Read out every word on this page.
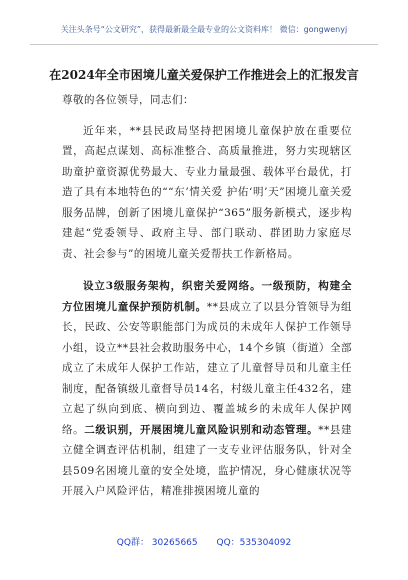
关注头条号“公文研究”，获得最新最全最专业的公文资料库！ 微信：gongwenyj
在2024年全市困境儿童关爱保护工作推进会上的汇报发言

尊敬的各位领导，同志们：

近年来，**县民政局坚持把困境儿童保护放在重要位置，高起点谋划、高标准整合、高质量推进，努力实现辖区助童护童资源优势最大、专业力量最强、载体平台最优，打造了具有本地特色的““东’情关爱 护佑‘明’天”困境儿童关爱服务品牌，创新了困境儿童保护“365”服务新模式，逐步构建起“党委领导、政府主导、部门联动、群团助力家庭尽责、社会参与”的困境儿童关爱帮扶工作新格局。

设立3级服务架构，织密关爱网络。一级预防，构建全方位困境儿童保护预防机制。**县成立了以县分管领导为组长，民政、公安等职能部门为成员的未成年人保护工作领导小组，设立**县社会救助服务中心，14个乡镇（街道）全部成立了未成年人保护工作站，建立了儿童督导员和儿童主任制度，配备镇级儿童督导员14名，村级儿童主任432名，建立起了纵向到底、横向到边、覆盖城乡的未成年人保护网络。二级识别，开展困境儿童风险识别和动态管理。**县建立健全调查评估机制，组建了一支专业评估服务队，针对全县509名困境儿童的安全处境，监护情况，身心健康状况等开展入户风险评估，精准排摸困境儿童的

QQ群： 30265665 QQ：535304092
